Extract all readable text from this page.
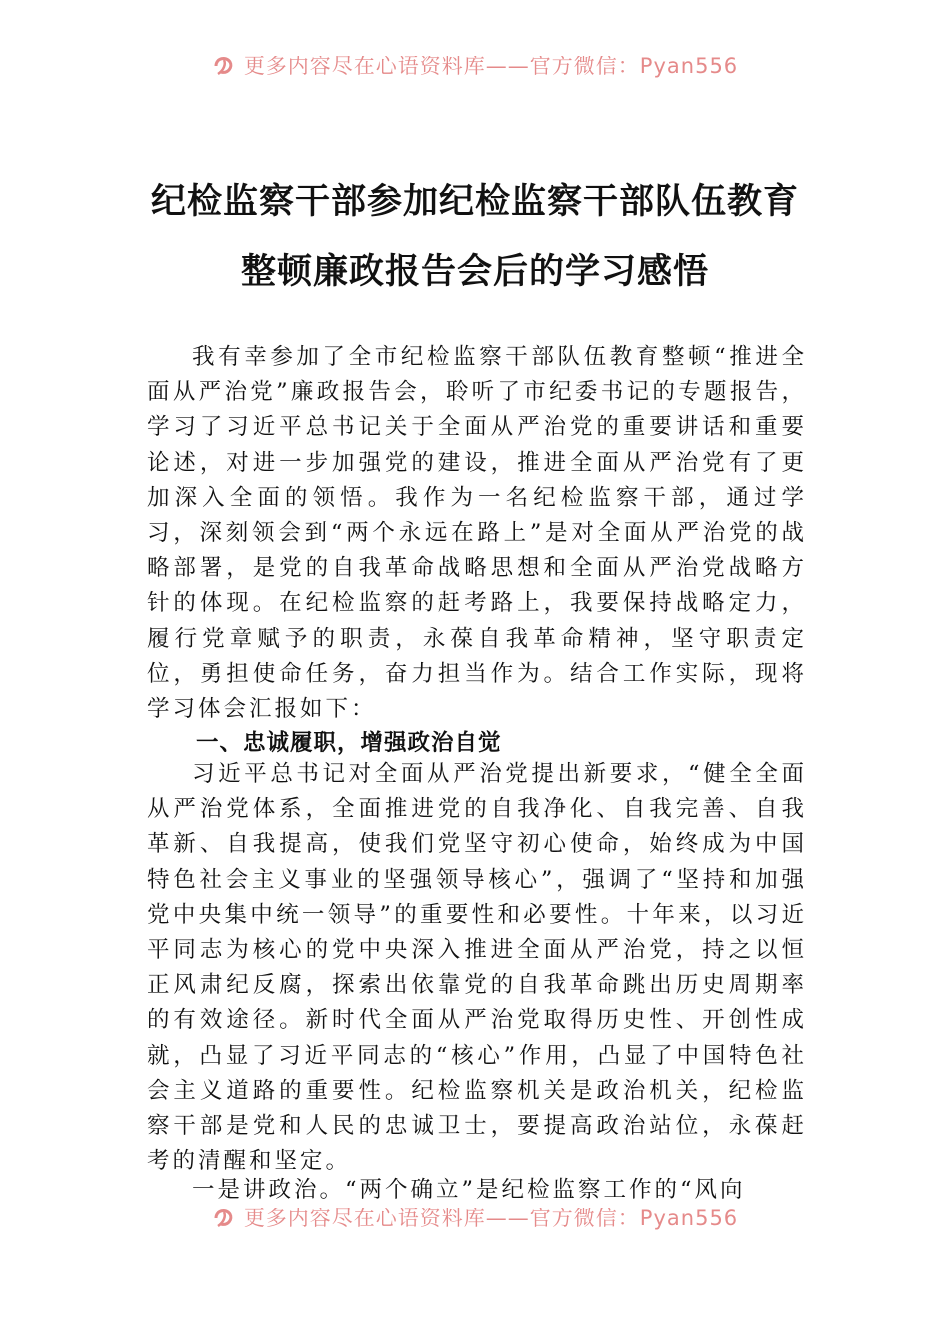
更多内容尽在心语资料库——官方微信：Pyan556
纪检监察干部参加纪检监察干部队伍教育
整顿廉政报告会后的学习感悟

我有幸参加了全市纪检监察干部队伍教育整顿“推进全面从严治党”廉政报告会，聆听了市纪委书记的专题报告，学习了习近平总书记关于全面从严治党的重要讲话和重要论述，对进一步加强党的建设，推进全面从严治党有了更加深入全面的领悟。我作为一名纪检监察干部，通过学习，深刻领会到“两个永远在路上”是对全面从严治党的战略部署，是党的自我革命战略思想和全面从严治党战略方针的体现。在纪检监察的赶考路上，我要保持战略定力，履行党章赋予的职责，永葆自我革命精神，坚守职责定位，勇担使命任务，奋力担当作为。结合工作实际，现将学习体会汇报如下：

一、忠诚履职，增强政治自觉

习近平总书记对全面从严治党提出新要求，“健全全面从严治党体系，全面推进党的自我净化、自我完善、自我革新、自我提高，使我们党坚守初心使命，始终成为中国特色社会主义事业的坚强领导核心”，强调了“坚持和加强党中央集中统一领导”的重要性和必要性。十年来，以习近平同志为核心的党中央深入推进全面从严治党，持之以恒正风肃纪反腐，探索出依靠党的自我革命跳出历史周期率的有效途径。新时代全面从严治党取得历史性、开创性成就，凸显了习近平同志的“核心”作用，凸显了中国特色社会主义道路的重要性。纪检监察机关是政治机关，纪检监察干部是党和人民的忠诚卫士，要提高政治站位，永葆赶考的清醒和坚定。

一是讲政治。“两个确立”是纪检监察工作的“风向

更多内容尽在心语资料库——官方微信：Pyan556
